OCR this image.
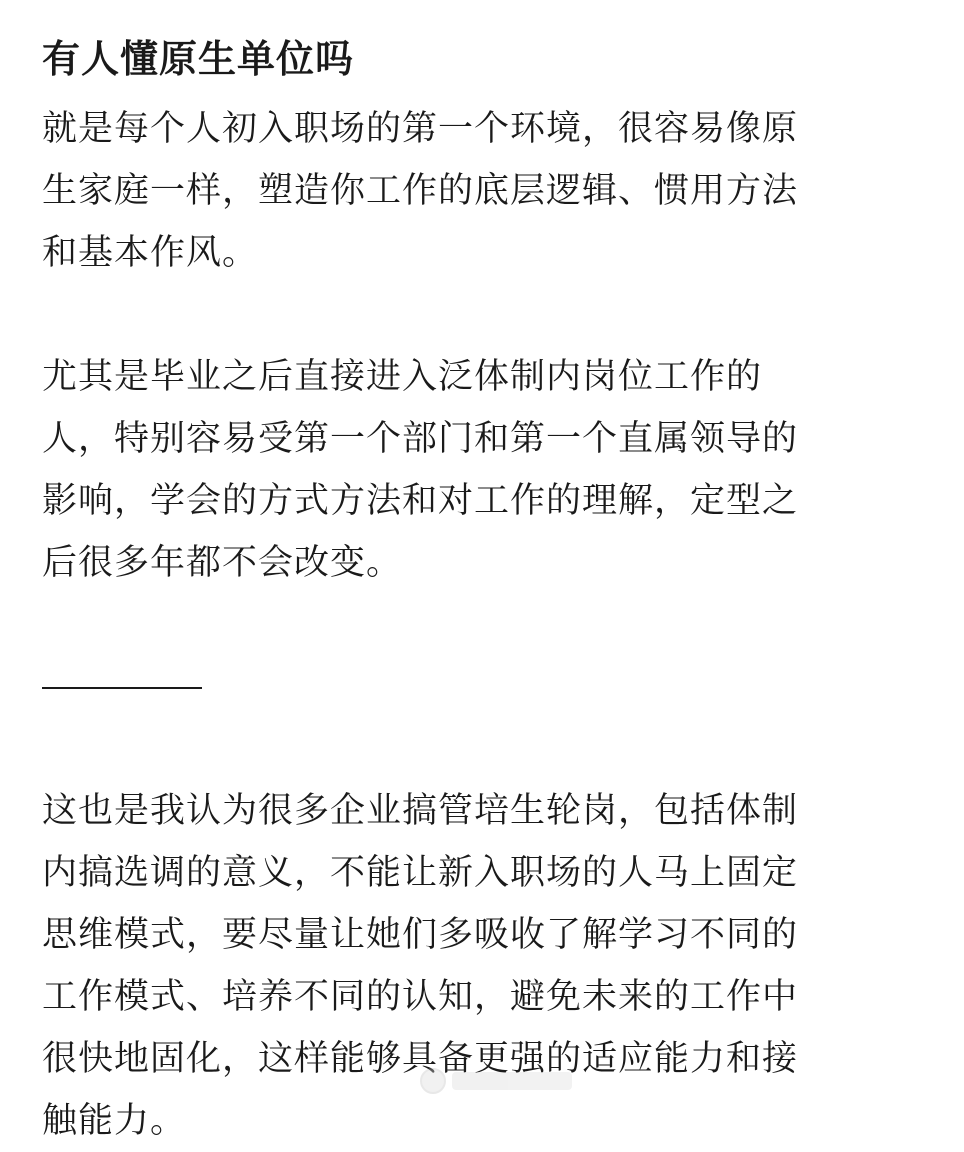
有人懂原生单位吗

就是每个人初入职场的第一个环境，很容易像原
生家庭一样，塑造你工作的底层逻辑、惯用方法
和基本作风。

尤其是毕业之后直接进入泛体制内岗位工作的
人，特别容易受第一个部门和第一个直属领导的
影响，学会的方式方法和对工作的理解，定型之
后很多年都不会改变。

这也是我认为很多企业搞管培生轮岗，包括体制
内搞选调的意义，不能让新入职场的人马上固定
思维模式，要尽量让她们多吸收了解学习不同的
工作模式、培养不同的认知，避免未来的工作中
很快地固化，这样能够具备更强的适应能力和接
触能力。
